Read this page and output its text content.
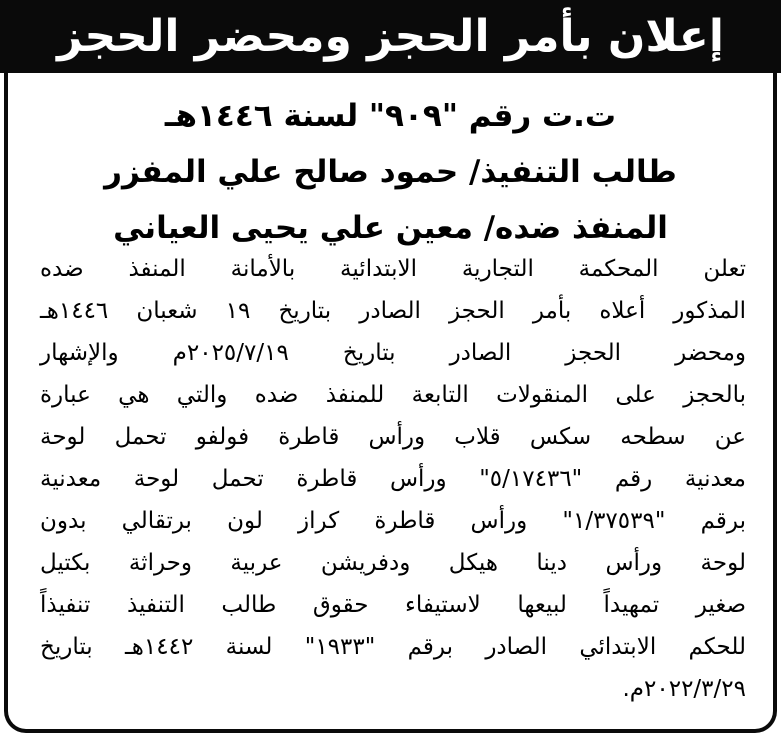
إعلان بأمر الحجز ومحضر الحجز
ت.ت رقم "٩٠٩" لسنة ١٤٤٦هـ
طالب التنفيذ/ حمود صالح علي المفزر
المنفذ ضده/ معين علي يحيى العياني
تعلن المحكمة التجارية الابتدائية بالأمانة المنفذ ضده
المذكور أعلاه بأمر الحجز الصادر بتاريخ ١٩ شعبان ١٤٤٦هـ
ومحضر الحجز الصادر بتاريخ ٢٠٢٥/٧/١٩م والإشهار
بالحجز على المنقولات التابعة للمنفذ ضده والتي هي عبارة
عن سطحه سكس قلاب ورأس قاطرة فولفو تحمل لوحة
معدنية رقم "٥/١٧٤٣٦" ورأس قاطرة تحمل لوحة معدنية
برقم "١/٣٧٥٣٩" ورأس قاطرة كراز لون برتقالي بدون
لوحة ورأس دينا هيكل ودفريشن عربية وحراثة بكتيل
صغير تمهيداً لبيعها لاستيفاء حقوق طالب التنفيذ تنفيذاً
للحكم الابتدائي الصادر برقم "١٩٣٣" لسنة ١٤٤٢هـ بتاريخ
٢٠٢٢/٣/٢٩م.
